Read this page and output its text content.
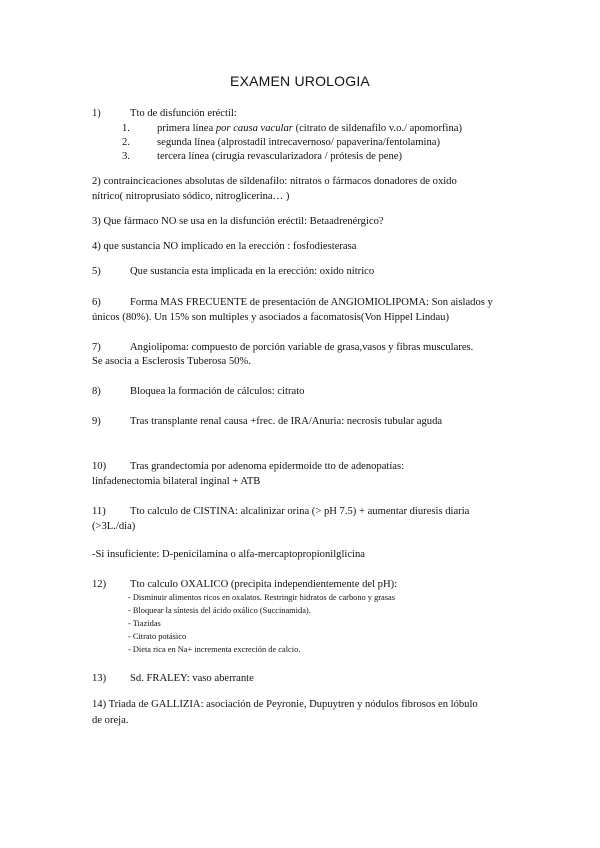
EXAMEN UROLOGIA
1)	Tto de disfunción eréctil:
1.	primera línea por causa vacular (citrato de sildenafilo v.o./ apomorfina)
2.	segunda línea (alprostadil intrecavernoso/ papaverina/fentolamina)
3.	tercera línea (cirugía revascularizadora / prótesis de pene)
2) contraincicaciones absolutas de sildenafilo: nitratos o fármacos donadores de oxido
nítrico( nitroprusiato sódico, nitroglicerina… )
3) Que fármaco NO se usa en la disfunción eréctil: Betaadrenérgico?
4) que sustancia NO implicado en la erección : fosfodiesterasa
5)	Que sustancia esta implicada en la erección: oxido nítrico
6)	Forma MAS FRECUENTE de presentación de ANGIOMIOLIPOMA: Son aislados y
únicos (80%). Un 15% son multiples y asociados a facomatosis(Von Hippel Lindau)
7)	Angiolipoma: compuesto de porción variable de grasa,vasos y fibras musculares.
Se asocia a Esclerosis Tuberosa 50%.
8)	Bloquea la formación de cálculos: citrato
9)	Tras transplante renal causa +frec. de IRA/Anuria: necrosis tubular aguda
10) Tras grandectomia por adenoma epidermoide tto de adenopatías:
linfadenectomia bilateral inginal + ATB
11) Tto calculo de CISTINA: alcalinizar orina (> pH 7.5) + aumentar diuresis diaria
(>3L./dia)
-Si insuficiente: D-penicilamina o alfa-mercaptopropionilglicina
12) Tto calculo OXALICO (precipita independientemente del pH):
- Disminuir alimentos ricos en oxalatos. Restringir hidratos de carbono y grasas
- Bloquear la síntesis del ácido oxálico (Succinamida).
- Tiazidas
- Citrato potásico
- Dieta rica en Na+ incrementa excreción de calcio.
13) Sd. FRALEY: vaso aberrante
14) Triada de GALLIZIA: asociación de Peyronie, Dupuytren y nódulos fibrosos en lóbulo
de oreja.
